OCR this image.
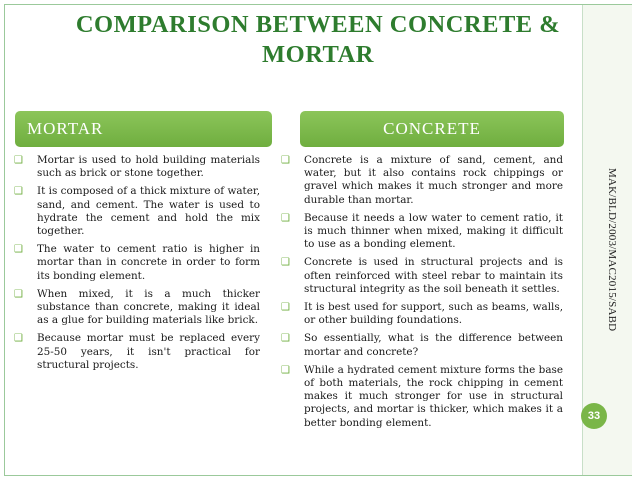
MAK/BLD/2003/MAC2015/SABD
33
COMPARISON BETWEEN CONCRETE & MORTAR
MORTAR	CONCRETE
❑ Mortar is used to hold building materials such as brick or stone together.
❑ It is composed of a thick mixture of water, sand, and cement. The water is used to hydrate the cement and hold the mix together.
❑ The water to cement ratio is higher in mortar than in concrete in order to form its bonding element.
❑ When mixed, it is a much thicker substance than concrete, making it ideal as a glue for building materials like brick.
❑ Because mortar must be replaced every 25-50 years, it isn't practical for structural projects.
❑ Concrete is a mixture of sand, cement, and water, but it also contains rock chippings or gravel which makes it much stronger and more durable than mortar.
❑ Because it needs a low water to cement ratio, it is much thinner when mixed, making it difficult to use as a bonding element.
❑ Concrete is used in structural projects and is often reinforced with steel rebar to maintain its structural integrity as the soil beneath it settles.
❑ It is best used for support, such as beams, walls, or other building foundations.
❑ So essentially, what is the difference between mortar and concrete?
❑ While a hydrated cement mixture forms the base of both materials, the rock chipping in cement makes it much stronger for use in structural projects, and mortar is thicker, which makes it a better bonding element.
